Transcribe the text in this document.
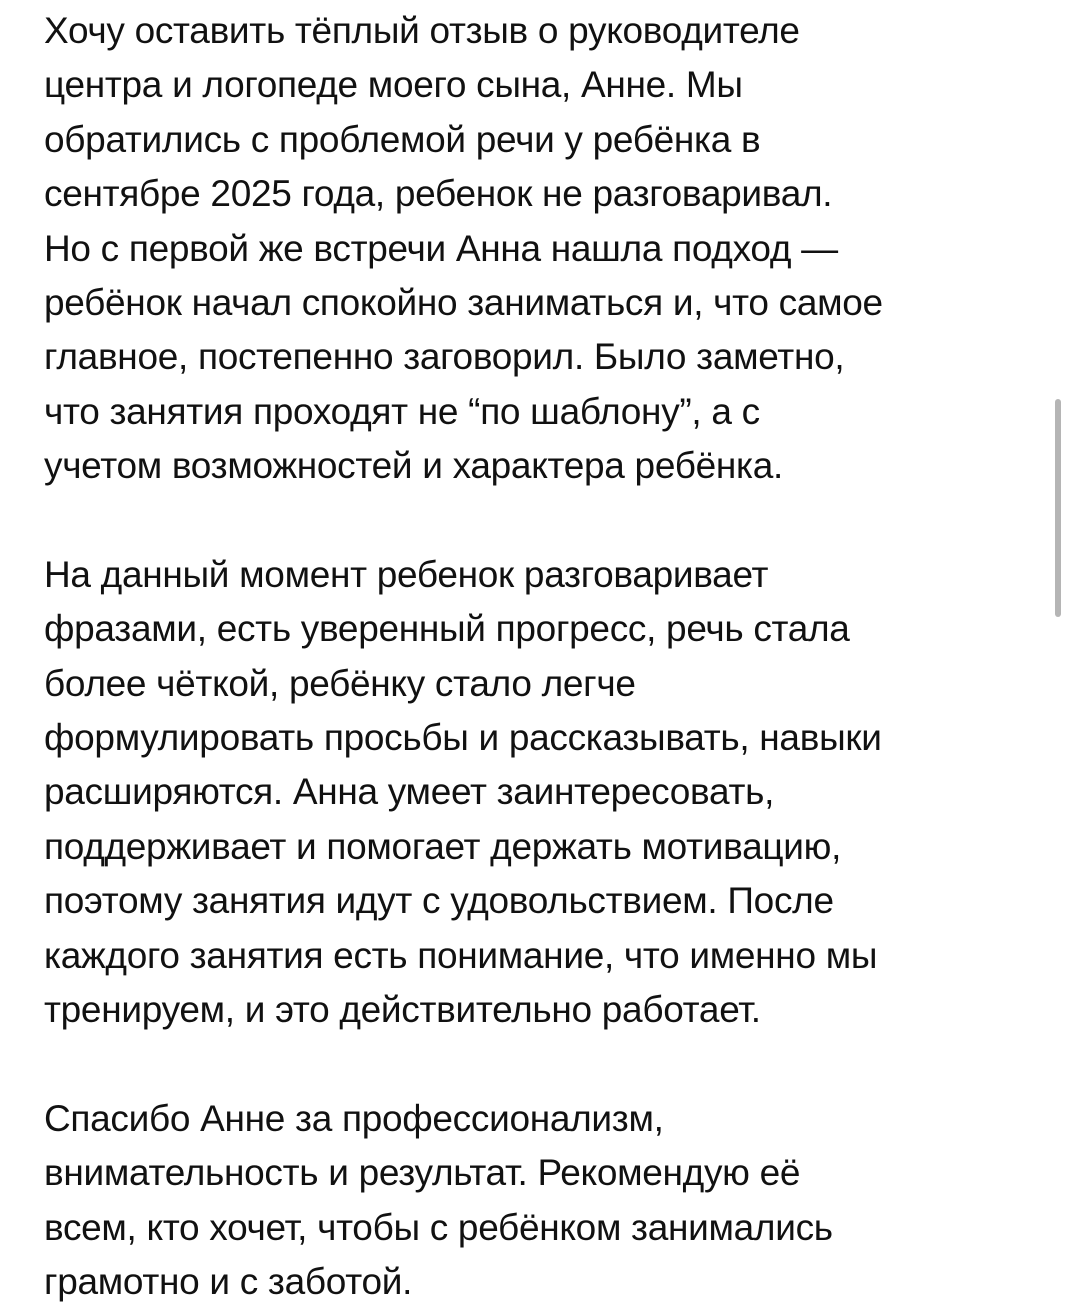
Хочу оставить тёплый отзыв о руководителе
центра и логопеде моего сына, Анне. Мы
обратились с проблемой речи у ребёнка в
сентябре 2025 года, ребенок не разговаривал.
Но с первой же встречи Анна нашла подход —
ребёнок начал спокойно заниматься и, что самое
главное, постепенно заговорил. Было заметно,
что занятия проходят не “по шаблону”, а с
учетом возможностей и характера ребёнка.
На данный момент ребенок разговаривает
фразами, есть уверенный прогресс, речь стала
более чёткой, ребёнку стало легче
формулировать просьбы и рассказывать, навыки
расширяются. Анна умеет заинтересовать,
поддерживает и помогает держать мотивацию,
поэтому занятия идут с удовольствием. После
каждого занятия есть понимание, что именно мы
тренируем, и это действительно работает.
Спасибо Анне за профессионализм,
внимательность и результат. Рекомендую её
всем, кто хочет, чтобы с ребёнком занимались
грамотно и с заботой.
